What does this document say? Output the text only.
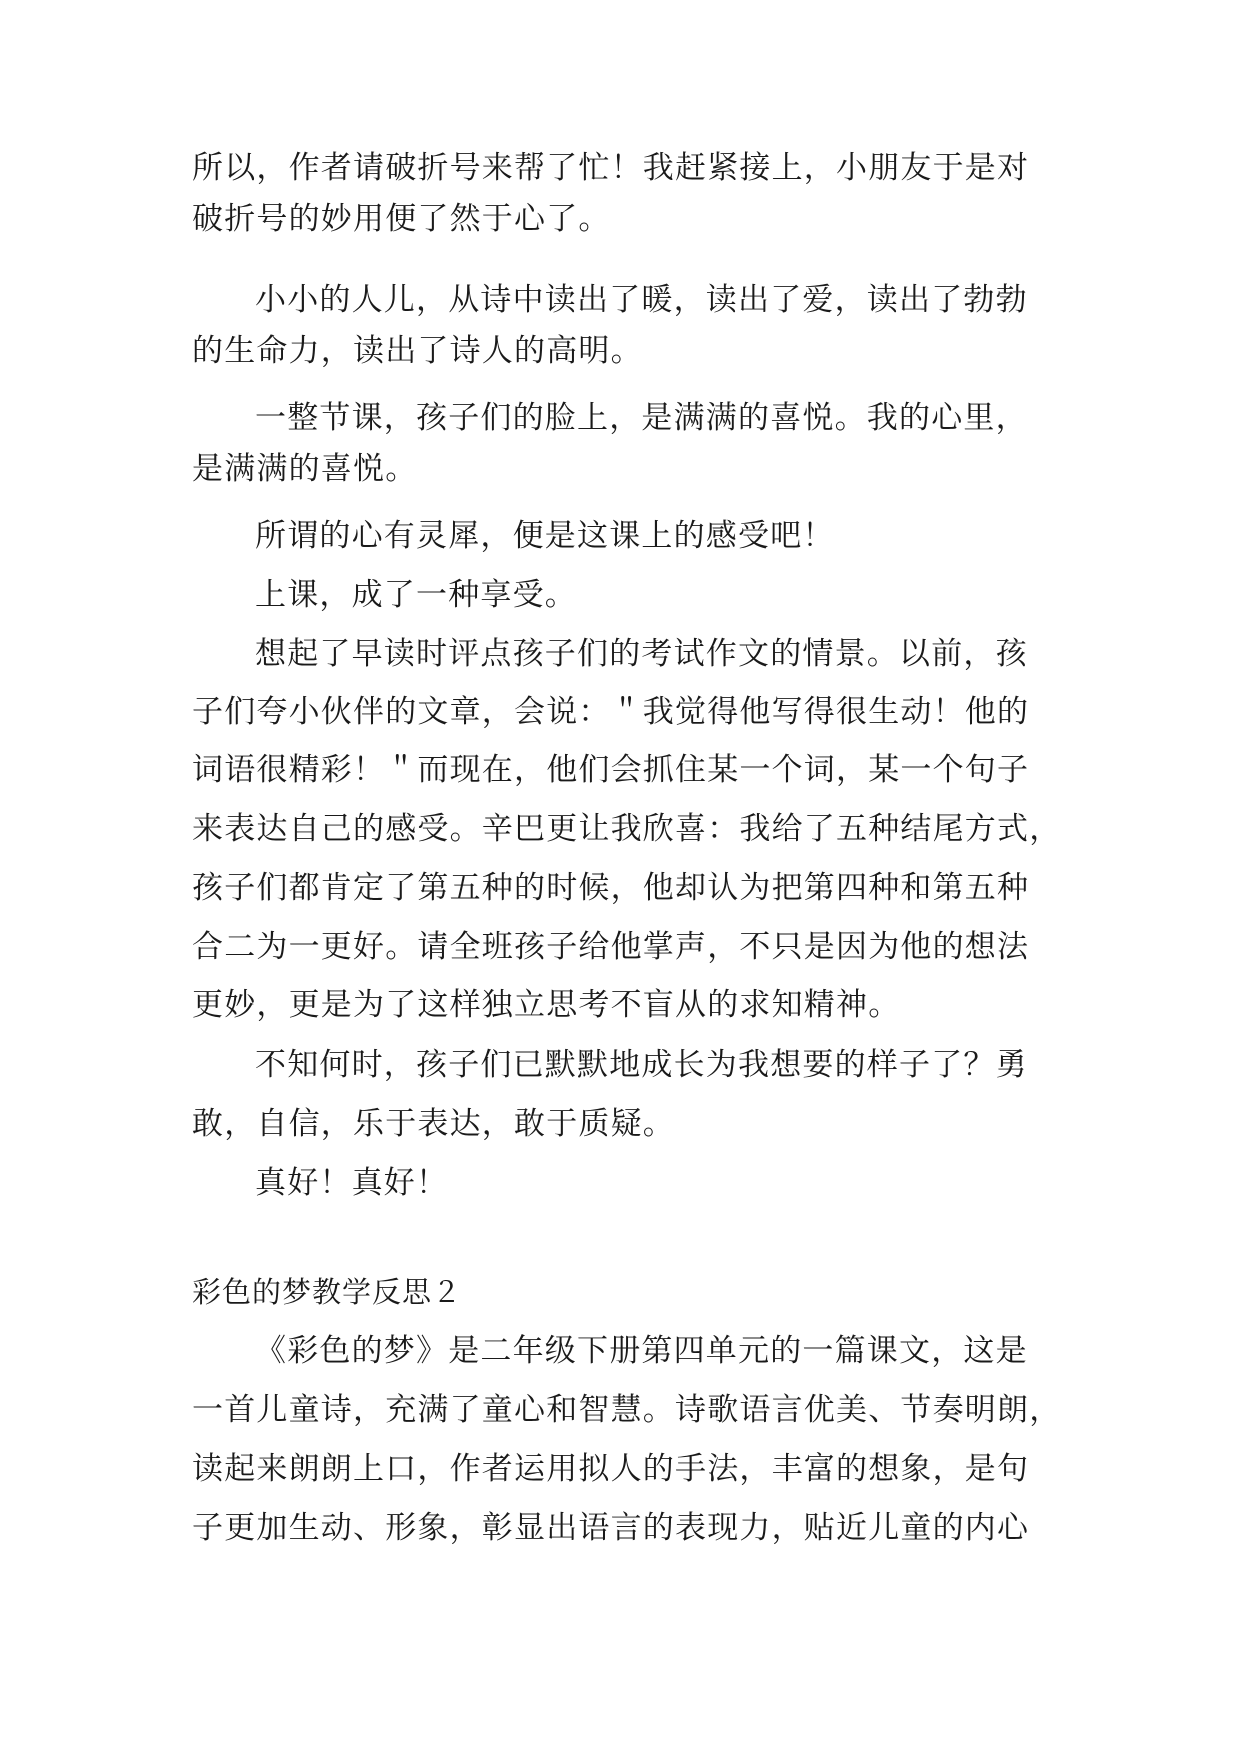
所以，作者请破折号来帮了忙！我赶紧接上，小朋友于是对
破折号的妙用便了然于心了。
小小的人儿，从诗中读出了暖，读出了爱，读出了勃勃
的生命力，读出了诗人的高明。
一整节课，孩子们的脸上，是满满的喜悦。我的心里，
是满满的喜悦。
所谓的心有灵犀，便是这课上的感受吧！
上课，成了一种享受。
想起了早读时评点孩子们的考试作文的情景。以前，孩
子们夸小伙伴的文章，会说：＂我觉得他写得很生动！他的
词语很精彩！＂而现在，他们会抓住某一个词，某一个句子
来表达自己的感受。辛巴更让我欣喜：我给了五种结尾方式，
孩子们都肯定了第五种的时候，他却认为把第四种和第五种
合二为一更好。请全班孩子给他掌声，不只是因为他的想法
更妙，更是为了这样独立思考不盲从的求知精神。
不知何时，孩子们已默默地成长为我想要的样子了？勇
敢，自信，乐于表达，敢于质疑。
真好！真好！
彩色的梦教学反思２
《彩色的梦》是二年级下册第四单元的一篇课文，这是
一首儿童诗，充满了童心和智慧。诗歌语言优美、节奏明朗，
读起来朗朗上口，作者运用拟人的手法，丰富的想象，是句
子更加生动、形象，彰显出语言的表现力，贴近儿童的内心
